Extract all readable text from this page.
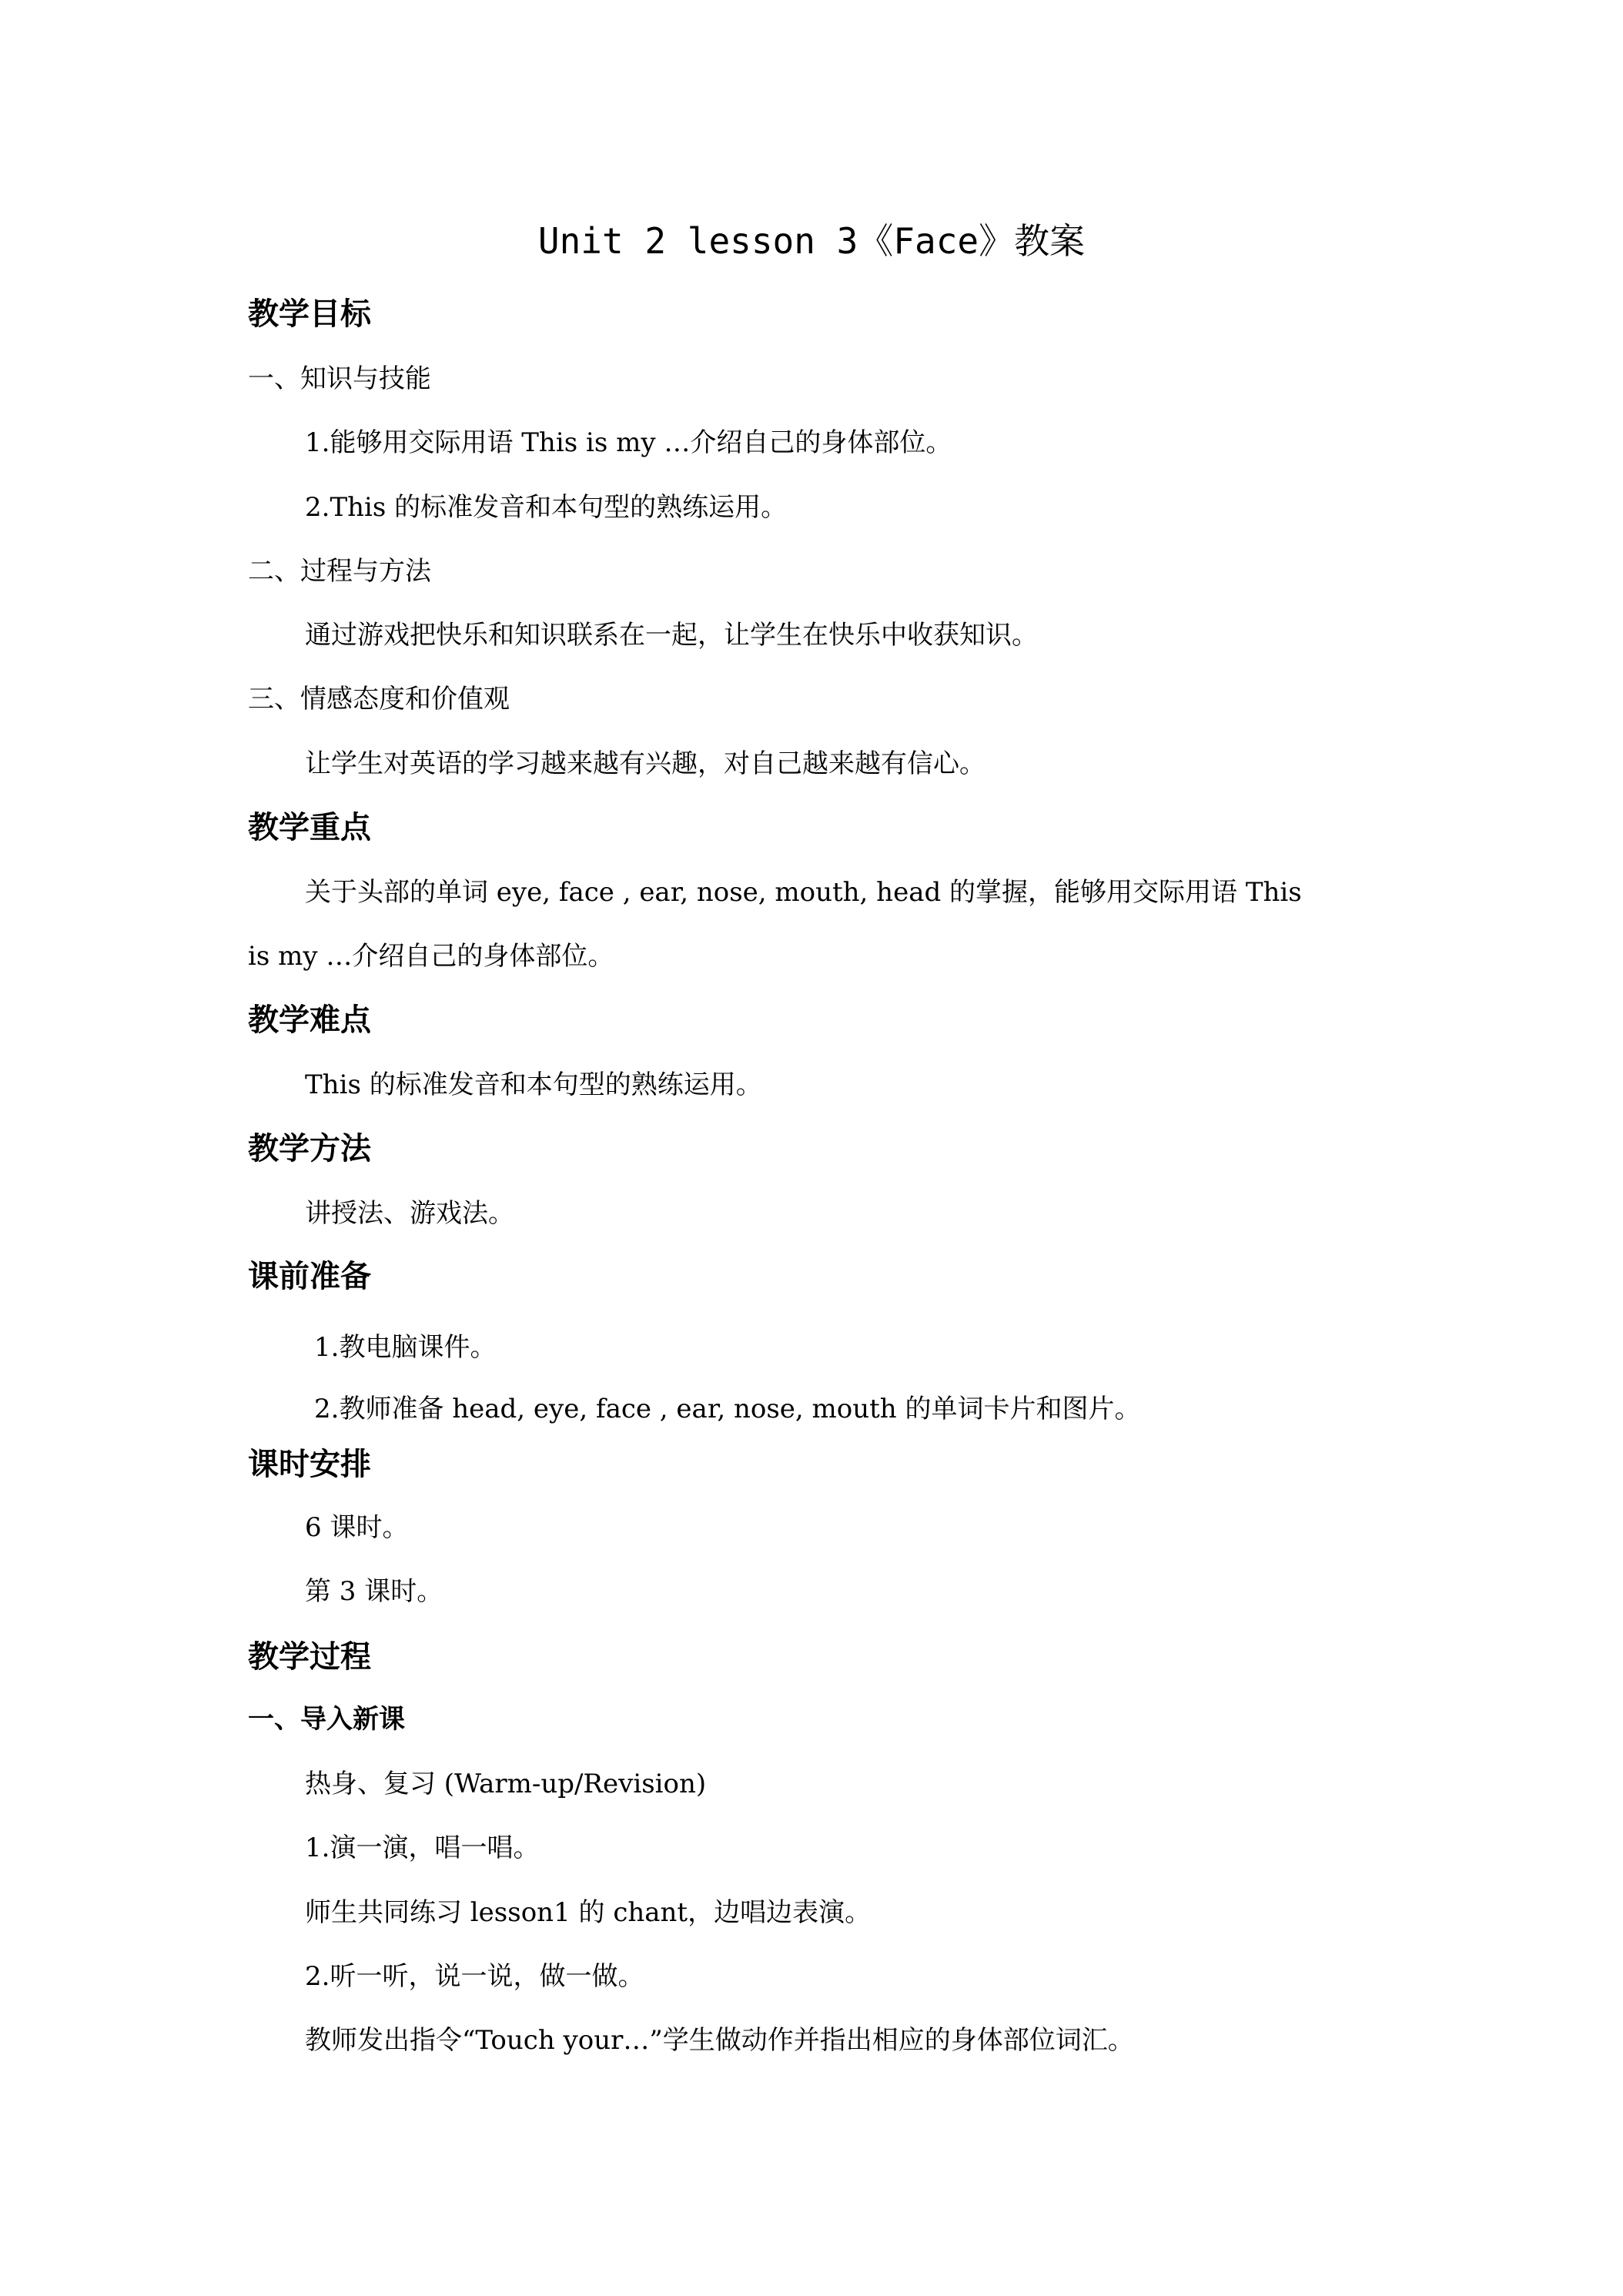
Unit 2 lesson 3《Face》教案
教学目标
一、知识与技能
1.能够用交际用语 This is my …介绍自己的身体部位。
2.This 的标准发音和本句型的熟练运用。
二、过程与方法
通过游戏把快乐和知识联系在一起，让学生在快乐中收获知识。
三、情感态度和价值观
让学生对英语的学习越来越有兴趣，对自己越来越有信心。
教学重点
关于头部的单词 eye, face , ear, nose, mouth, head 的掌握，能够用交际用语 This
is my …介绍自己的身体部位。
教学难点
This 的标准发音和本句型的熟练运用。
教学方法
讲授法、游戏法。
课前准备
1.教电脑课件。
2.教师准备 head, eye, face , ear, nose, mouth 的单词卡片和图片。
课时安排
6 课时。
第 3 课时。
教学过程
一、导入新课
热身、复习 (Warm-up/Revision)
1.演一演，唱一唱。
师生共同练习 lesson1 的 chant，边唱边表演。
2.听一听，说一说，做一做。
教师发出指令“Touch your…”学生做动作并指出相应的身体部位词汇。
